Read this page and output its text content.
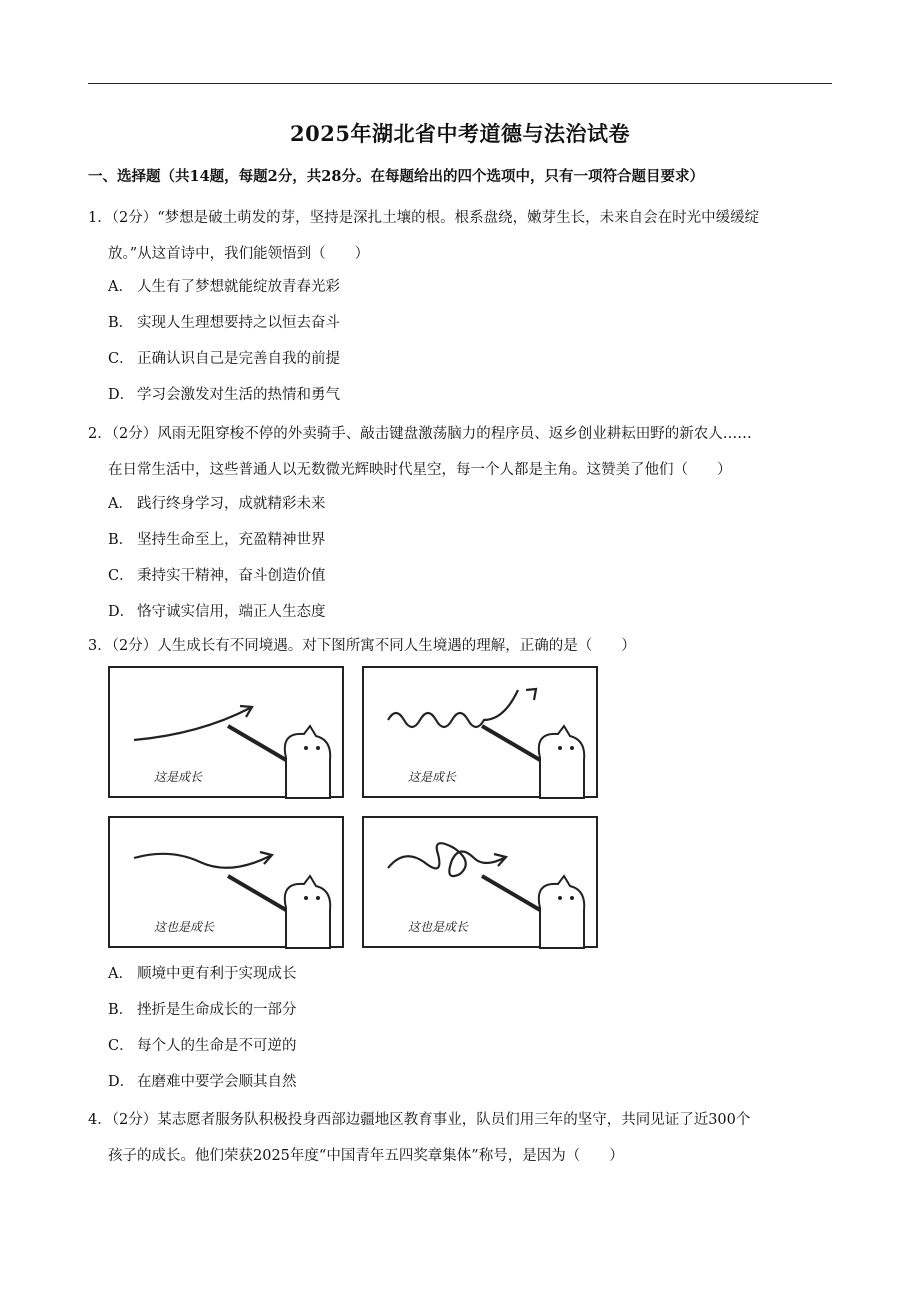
2025年湖北省中考道德与法治试卷
一、选择题（共14题，每题2分，共28分。在每题给出的四个选项中，只有一项符合题目要求）
1．（2分）“梦想是破土萌发的芽，坚持是深扎土壤的根。根系盘绕，嫩芽生长，未来自会在时光中缓缓绽
放。”从这首诗中，我们能领悟到（　　）
A． 人生有了梦想就能绽放青春光彩
B． 实现人生理想要持之以恒去奋斗
C． 正确认识自己是完善自我的前提
D． 学习会激发对生活的热情和勇气
2．（2分）风雨无阻穿梭不停的外卖骑手、敲击键盘激荡脑力的程序员、返乡创业耕耘田野的新农人……
在日常生活中，这些普通人以无数微光辉映时代星空，每一个人都是主角。这赞美了他们（　　）
A． 践行终身学习，成就精彩未来
B． 坚持生命至上，充盈精神世界
C． 秉持实干精神，奋斗创造价值
D． 恪守诚实信用，端正人生态度
3．（2分）人生成长有不同境遇。对下图所寓不同人生境遇的理解，正确的是（　　）
这是成长	这是成长
这也是成长	这也是成长
A． 顺境中更有利于实现成长
B． 挫折是生命成长的一部分
C． 每个人的生命是不可逆的
D． 在磨难中要学会顺其自然
4．（2分）某志愿者服务队积极投身西部边疆地区教育事业，队员们用三年的坚守，共同见证了近300个
孩子的成长。他们荣获2025年度“中国青年五四奖章集体”称号，是因为（　　）
